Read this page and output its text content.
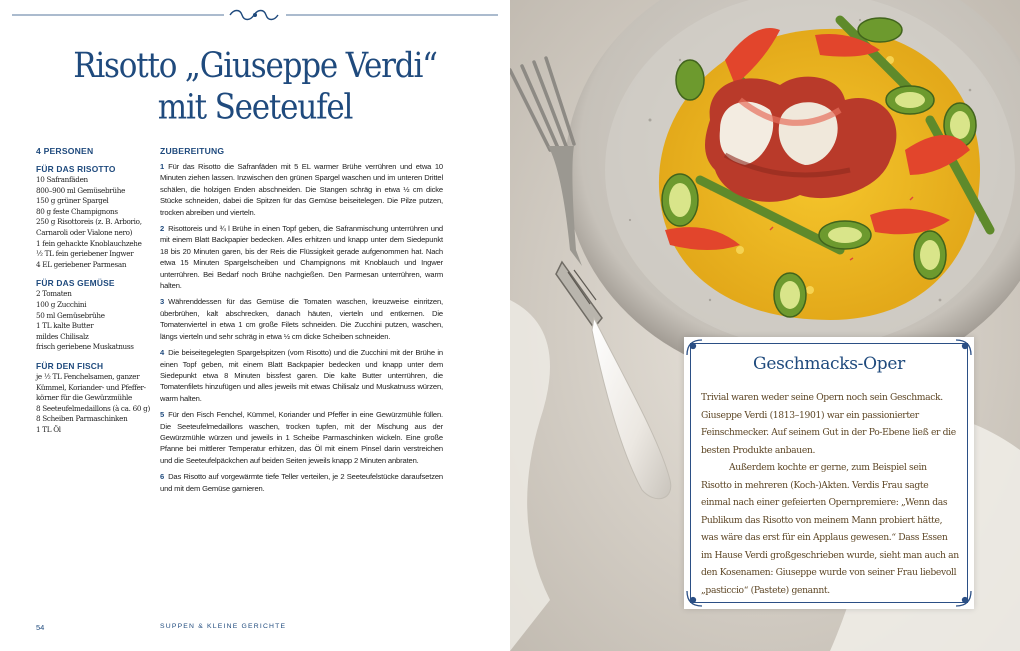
Risotto „Giuseppe Verdi“
mit Seeteufel
4 PERSONEN
FÜR DAS RISOTTO
10 Safranfäden
800–900 ml Gemüsebrühe
150 g grüner Spargel
80 g feste Champignons
250 g Risottoreis (z. B. Arborio,
Carnaroli oder Vialone nero)
1 fein gehackte Knoblauchzehe
½ TL fein geriebener Ingwer
4 EL geriebener Parmesan
FÜR DAS GEMÜSE
2 Tomaten
100 g Zucchini
50 ml Gemüsebrühe
1 TL kalte Butter
mildes Chilisalz
frisch geriebene Muskatnuss
FÜR DEN FISCH
je ½ TL Fenchelsamen, ganzer
Kümmel, Koriander- und Pfeffer-
körner für die Gewürzmühle
8 Seeteufelmedaillons (à ca. 60 g)
8 Scheiben Parmaschinken
1 TL Öl
ZUBEREITUNG
1 Für das Risotto die Safranfäden mit 5 EL warmer Brühe verrühren und etwa 10 Minuten ziehen lassen. Inzwischen den grünen Spargel waschen und im unteren Drittel schälen, die holzigen Enden abschneiden. Die Stangen schräg in etwa ½ cm dicke Stücke schneiden, dabei die Spitzen für das Gemüse beiseitelegen. Die Pilze putzen, trocken abreiben und vierteln.
2 Risottoreis und ¾ l Brühe in einen Topf geben, die Safranmischung unterrühren und mit einem Blatt Backpapier bedecken. Alles erhitzen und knapp unter dem Siedepunkt 18 bis 20 Minuten garen, bis der Reis die Flüssigkeit gerade aufgenommen hat. Nach etwa 15 Minuten Spargelscheiben und Champignons mit Knoblauch und Ingwer unterrühren. Bei Bedarf noch Brühe nachgießen. Den Parmesan unterrühren, warm halten.
3 Währenddessen für das Gemüse die Tomaten waschen, kreuzweise einritzen, überbrühen, kalt abschrecken, danach häuten, vierteln und entkernen. Die Tomatenviertel in etwa 1 cm große Filets schneiden. Die Zucchini putzen, waschen, längs vierteln und sehr schräg in etwa ½ cm dicke Scheiben schneiden.
4 Die beiseitegelegten Spargelspitzen (vom Risotto) und die Zucchini mit der Brühe in einen Topf geben, mit einem Blatt Backpapier bedecken und knapp unter dem Siedepunkt etwa 8 Minuten bissfest garen. Die kalte Butter unterrühren, die Tomatenfilets hinzufügen und alles jeweils mit etwas Chilisalz und Muskatnuss würzen, warm halten.
5 Für den Fisch Fenchel, Kümmel, Koriander und Pfeffer in eine Gewürzmühle füllen. Die Seeteufelmedaillons waschen, trocken tupfen, mit der Mischung aus der Gewürzmühle würzen und jeweils in 1 Scheibe Parmaschinken wickeln. Eine große Pfanne bei mittlerer Temperatur erhitzen, das Öl mit einem Pinsel darin verstreichen und die Seeteufelpäckchen auf beiden Seiten jeweils knapp 2 Minuten anbraten.
6 Das Risotto auf vorgewärmte tiefe Teller verteilen, je 2 Seeteufelstücke daraufsetzen und mit dem Gemüse garnieren.
54	SUPPEN & KLEINE GERICHTE
Geschmacks-Oper

Trivial waren weder seine Opern noch sein Geschmack. Giuseppe Verdi (1813–1901) war ein passionierter Feinschmecker. Auf seinem Gut in der Po-Ebene ließ er die besten Produkte anbauen.
Außerdem kochte er gerne, zum Beispiel sein Risotto in mehreren (Koch-)Akten. Verdis Frau sagte einmal nach einer gefeierten Opernpremiere: „Wenn das Publikum das Risotto von meinem Mann probiert hätte, was wäre das erst für ein Applaus gewesen.“ Dass Essen im Hause Verdi großgeschrieben wurde, sieht man auch an den Kosenamen: Giuseppe wurde von seiner Frau liebevoll „pasticcio“ (Pastete) genannt.
